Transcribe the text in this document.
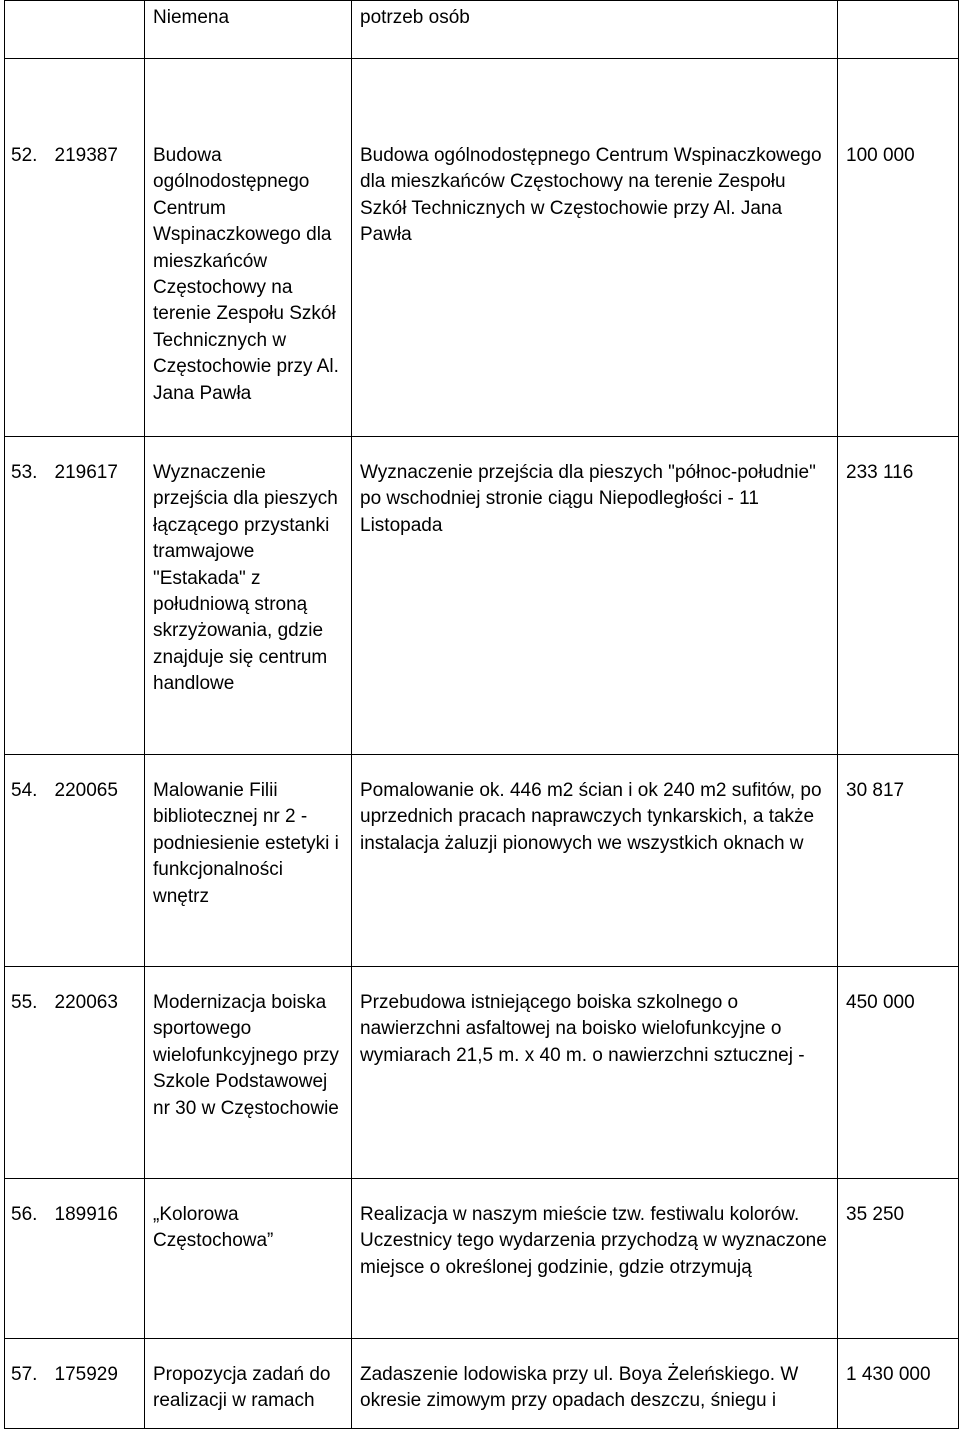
		Niemena	potrzeb osób	
52.	219387	Budowa ogólnodostępnego Centrum Wspinaczkowego dla mieszkańców Częstochowy na terenie Zespołu Szkół Technicznych w Częstochowie przy Al. Jana Pawła	Budowa ogólnodostępnego Centrum Wspinaczkowego dla mieszkańców Częstochowy na terenie Zespołu Szkół Technicznych w Częstochowie przy Al. Jana Pawła	100 000
53.	219617	Wyznaczenie przejścia dla pieszych łączącego przystanki tramwajowe "Estakada" z południową stroną skrzyżowania, gdzie znajduje się centrum handlowe	Wyznaczenie przejścia dla pieszych "północ-południe" po wschodniej stronie ciągu Niepodległości - 11 Listopada	233 116
54.	220065	Malowanie Filii bibliotecznej nr 2 - podniesienie estetyki i funkcjonalności wnętrz	Pomalowanie ok. 446 m2 ścian i ok 240 m2 sufitów, po uprzednich pracach naprawczych tynkarskich, a także instalacja żaluzji pionowych we wszystkich oknach w	30 817
55.	220063	Modernizacja boiska sportowego wielofunkcyjnego przy Szkole Podstawowej nr 30 w Częstochowie	Przebudowa istniejącego boiska szkolnego o nawierzchni asfaltowej na boisko wielofunkcyjne o wymiarach 21,5 m. x 40 m. o nawierzchni sztucznej -	450 000
56.	189916	„Kolorowa Częstochowa”	Realizacja w naszym mieście tzw. festiwalu kolorów. Uczestnicy tego wydarzenia przychodzą w wyznaczone miejsce o określonej godzinie, gdzie otrzymują	35 250
57.	175929	Propozycja zadań do realizacji w ramach	Zadaszenie lodowiska przy ul. Boya Żeleńskiego. W okresie zimowym przy opadach deszczu, śniegu i	1 430 000
